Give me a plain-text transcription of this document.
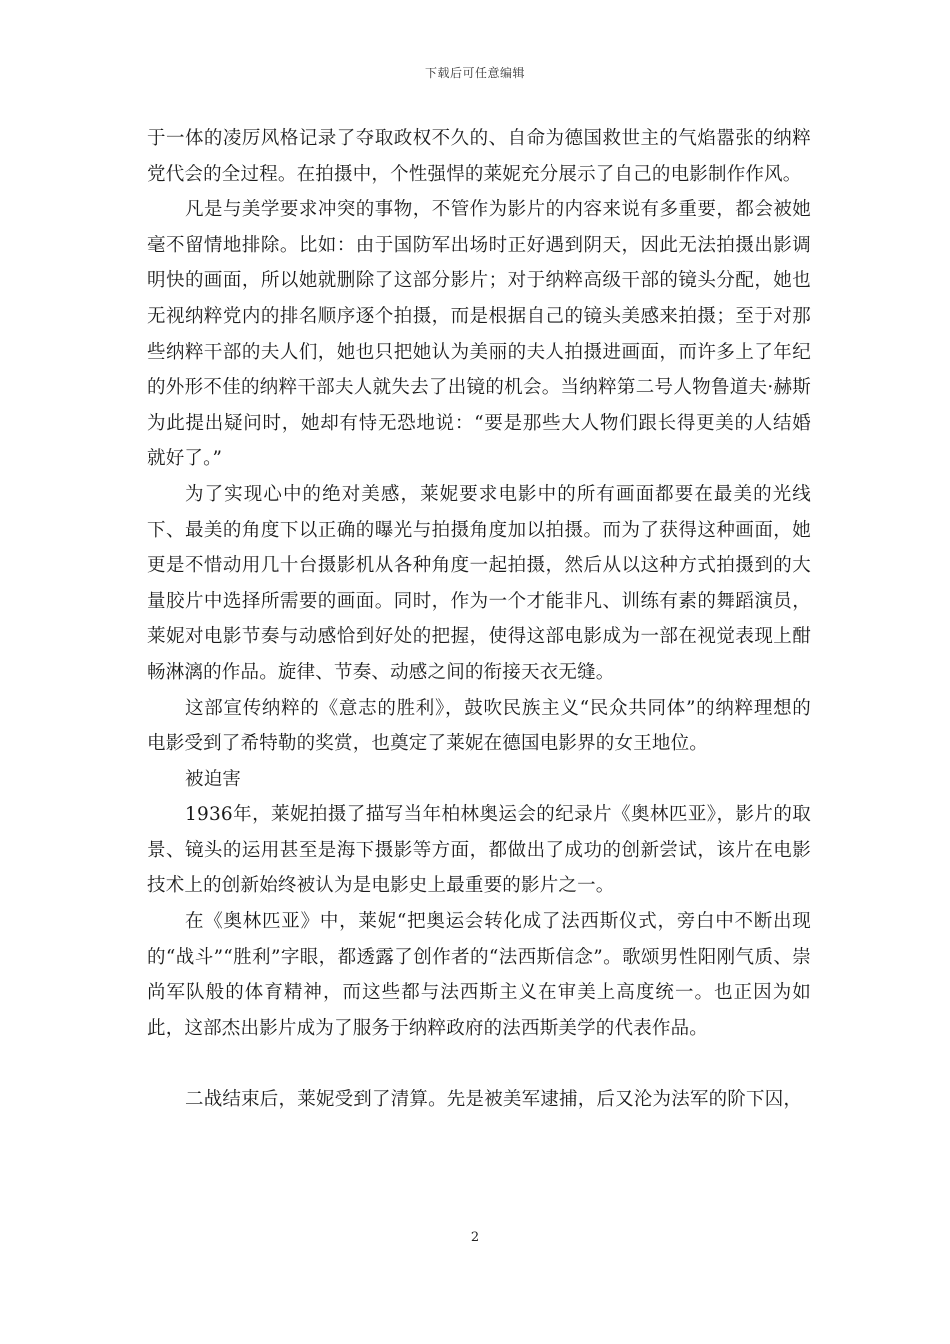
下载后可任意编辑

于一体的凌厉风格记录了夺取政权不久的、自命为德国救世主的气焰嚣张的纳粹党代会的全过程。在拍摄中，个性强悍的莱妮充分展示了自己的电影制作作风。

凡是与美学要求冲突的事物，不管作为影片的内容来说有多重要，都会被她毫不留情地排除。比如：由于国防军出场时正好遇到阴天，因此无法拍摄出影调明快的画面，所以她就删除了这部分影片；对于纳粹高级干部的镜头分配，她也无视纳粹党内的排名顺序逐个拍摄，而是根据自己的镜头美感来拍摄；至于对那些纳粹干部的夫人们，她也只把她认为美丽的夫人拍摄进画面，而许多上了年纪的外形不佳的纳粹干部夫人就失去了出镜的机会。当纳粹第二号人物鲁道夫·赫斯为此提出疑问时，她却有恃无恐地说：“要是那些大人物们跟长得更美的人结婚就好了。”

为了实现心中的绝对美感，莱妮要求电影中的所有画面都要在最美的光线下、最美的角度下以正确的曝光与拍摄角度加以拍摄。而为了获得这种画面，她更是不惜动用几十台摄影机从各种角度一起拍摄，然后从以这种方式拍摄到的大量胶片中选择所需要的画面。同时，作为一个才能非凡、训练有素的舞蹈演员，莱妮对电影节奏与动感恰到好处的把握，使得这部电影成为一部在视觉表现上酣畅淋漓的作品。旋律、节奏、动感之间的衔接天衣无缝。

这部宣传纳粹的《意志的胜利》，鼓吹民族主义“民众共同体”的纳粹理想的电影受到了希特勒的奖赏，也奠定了莱妮在德国电影界的女王地位。

被迫害

1936年，莱妮拍摄了描写当年柏林奥运会的纪录片《奥林匹亚》，影片的取景、镜头的运用甚至是海下摄影等方面，都做出了成功的创新尝试，该片在电影技术上的创新始终被认为是电影史上最重要的影片之一。

在《奥林匹亚》中，莱妮“把奥运会转化成了法西斯仪式，旁白中不断出现的“战斗”“胜利”字眼，都透露了创作者的“法西斯信念”。歌颂男性阳刚气质、崇尚军队般的体育精神，而这些都与法西斯主义在审美上高度统一。也正因为如此，这部杰出影片成为了服务于纳粹政府的法西斯美学的代表作品。

二战结束后，莱妮受到了清算。先是被美军逮捕，后又沦为法军的阶下囚，

2
